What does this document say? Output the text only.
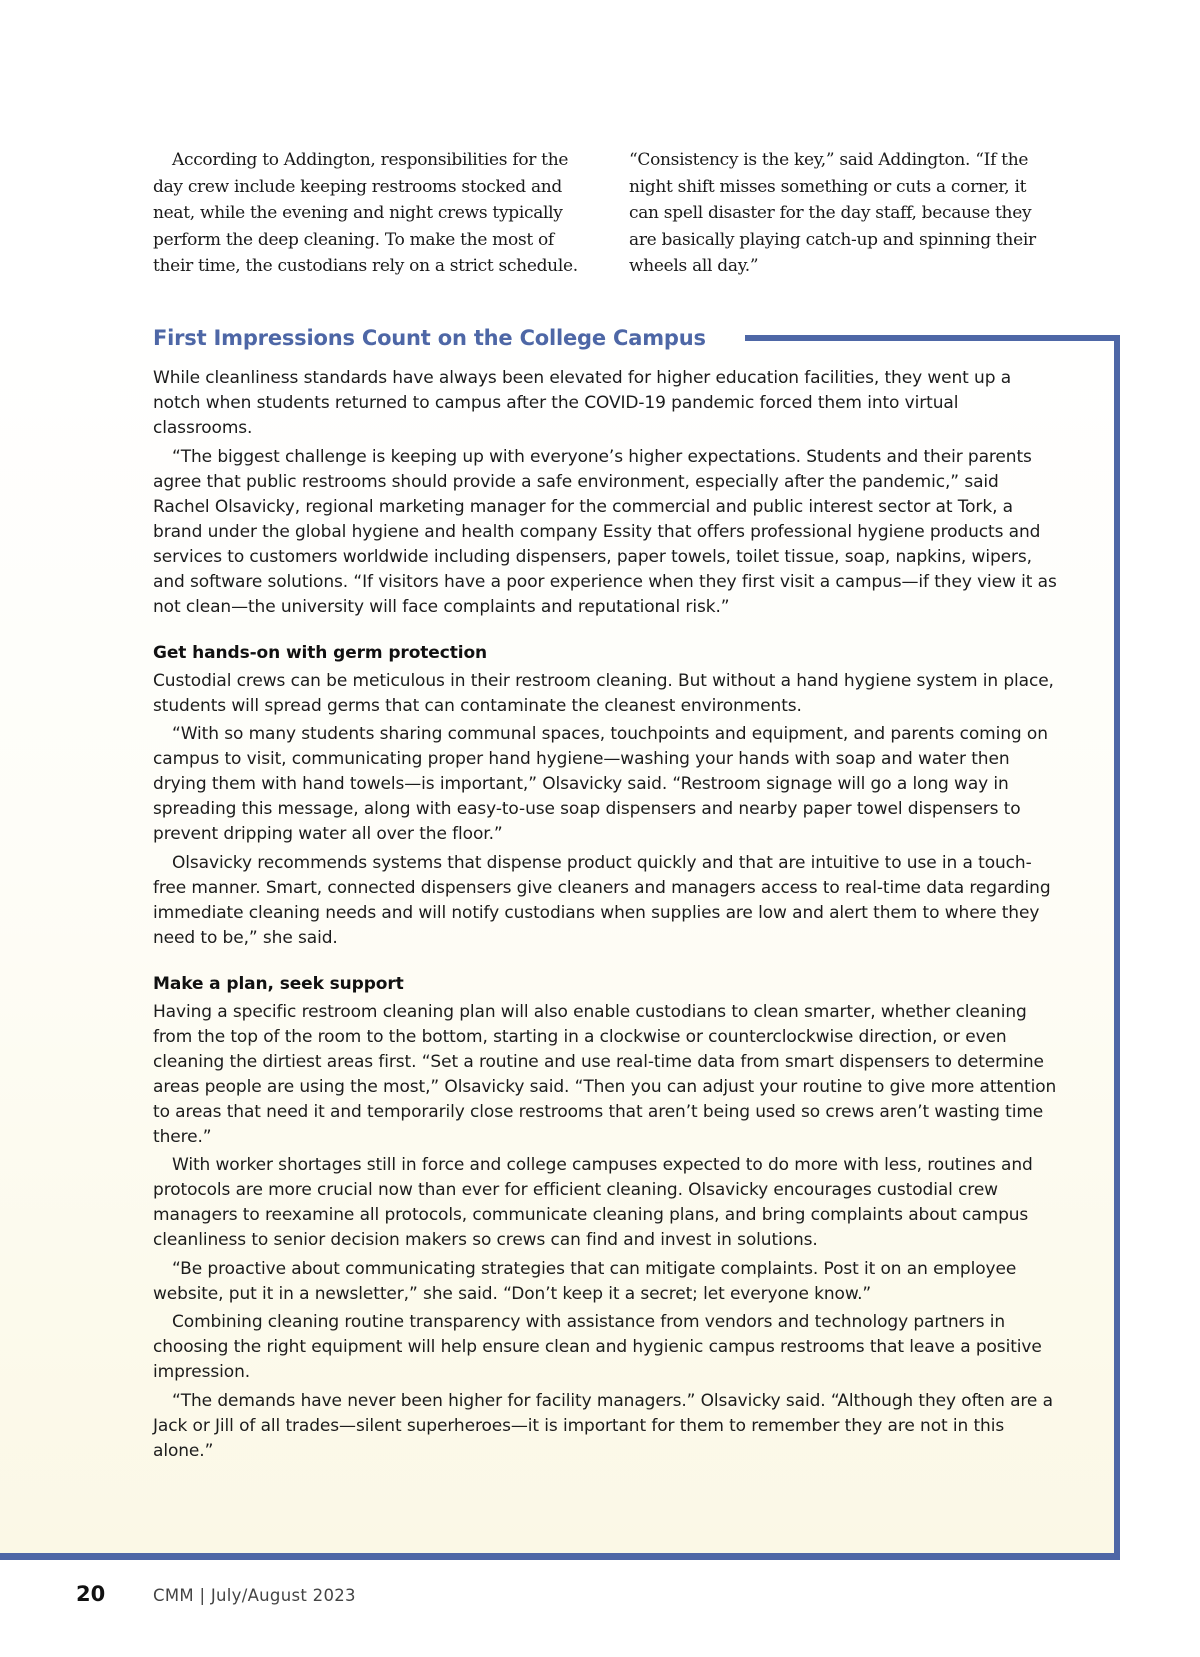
According to Addington, responsibilities for the day crew include keeping restrooms stocked and neat, while the evening and night crews typically perform the deep cleaning. To make the most of their time, the custodians rely on a strict schedule.
“Consistency is the key,” said Addington. “If the night shift misses something or cuts a corner, it can spell disaster for the day staff, because they are basically playing catch-up and spinning their wheels all day.”
First Impressions Count on the College Campus

While cleanliness standards have always been elevated for higher education facilities, they went up a notch when students returned to campus after the COVID-19 pandemic forced them into virtual classrooms.

“The biggest challenge is keeping up with everyone’s higher expectations. Students and their parents agree that public restrooms should provide a safe environment, especially after the pandemic,” said Rachel Olsavicky, regional marketing manager for the commercial and public interest sector at Tork, a brand under the global hygiene and health company Essity that offers professional hygiene products and services to customers worldwide including dispensers, paper towels, toilet tissue, soap, napkins, wipers, and software solutions. “If visitors have a poor experience when they first visit a campus—if they view it as not clean—the university will face complaints and reputational risk.”

Get hands-on with germ protection

Custodial crews can be meticulous in their restroom cleaning. But without a hand hygiene system in place, students will spread germs that can contaminate the cleanest environments.

“With so many students sharing communal spaces, touchpoints and equipment, and parents coming on campus to visit, communicating proper hand hygiene—washing your hands with soap and water then drying them with hand towels—is important,” Olsavicky said. “Restroom signage will go a long way in spreading this message, along with easy-to-use soap dispensers and nearby paper towel dispensers to prevent dripping water all over the floor.”

Olsavicky recommends systems that dispense product quickly and that are intuitive to use in a touch-free manner. Smart, connected dispensers give cleaners and managers access to real-time data regarding immediate cleaning needs and will notify custodians when supplies are low and alert them to where they need to be,” she said.

Make a plan, seek support

Having a specific restroom cleaning plan will also enable custodians to clean smarter, whether cleaning from the top of the room to the bottom, starting in a clockwise or counterclockwise direction, or even cleaning the dirtiest areas first. “Set a routine and use real-time data from smart dispensers to determine areas people are using the most,” Olsavicky said. “Then you can adjust your routine to give more attention to areas that need it and temporarily close restrooms that aren’t being used so crews aren’t wasting time there.”

With worker shortages still in force and college campuses expected to do more with less, routines and protocols are more crucial now than ever for efficient cleaning. Olsavicky encourages custodial crew managers to reexamine all protocols, communicate cleaning plans, and bring complaints about campus cleanliness to senior decision makers so crews can find and invest in solutions.

“Be proactive about communicating strategies that can mitigate complaints. Post it on an employee website, put it in a newsletter,” she said. “Don’t keep it a secret; let everyone know.”

Combining cleaning routine transparency with assistance from vendors and technology partners in choosing the right equipment will help ensure clean and hygienic campus restrooms that leave a positive impression.

“The demands have never been higher for facility managers.” Olsavicky said. “Although they often are a Jack or Jill of all trades—silent superheroes—it is important for them to remember they are not in this alone.”

20	CMM | July/August 2023
